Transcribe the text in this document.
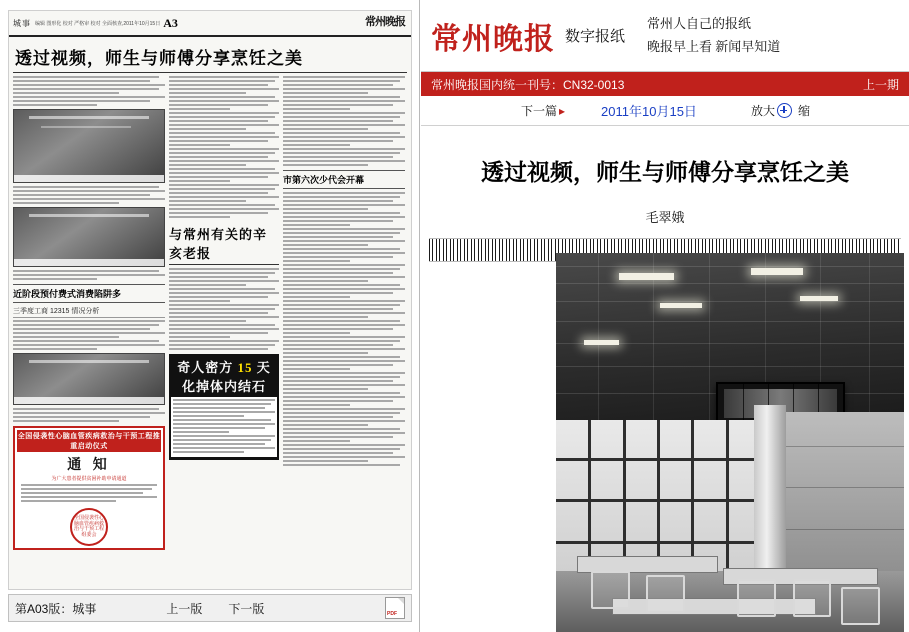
城事 编辑 图形化 校对 严格审 校对 全面核查,2011年10月15日 A3	常州晚报
透过视频，师生与师傅分享烹饪之美
近阶段预付费式消费陷阱多
三季度工商 12315 情况分析
全国侵袭性心脑血管疾病救治与干预工程推重启动仪式
通 知
为广大患者提供贫困补助申请通道
全国侵袭性心脑血管疾病救治与干预工程组委会
与常州有关的辛亥老报
奇人密方 15 天化掉体内结石
市第六次少代会开幕
第A03版：城事	上一版 下一版
PDF
常州晚报 数字报纸
常州人自己的报纸
晚报早上看 新闻早知道
常州晚报国内统一刊号：CN32-0013	上一期
下一篇 ▸	2011年10月15日	放大 缩
透过视频，师生与师傅分享烹饪之美
毛翠娥
